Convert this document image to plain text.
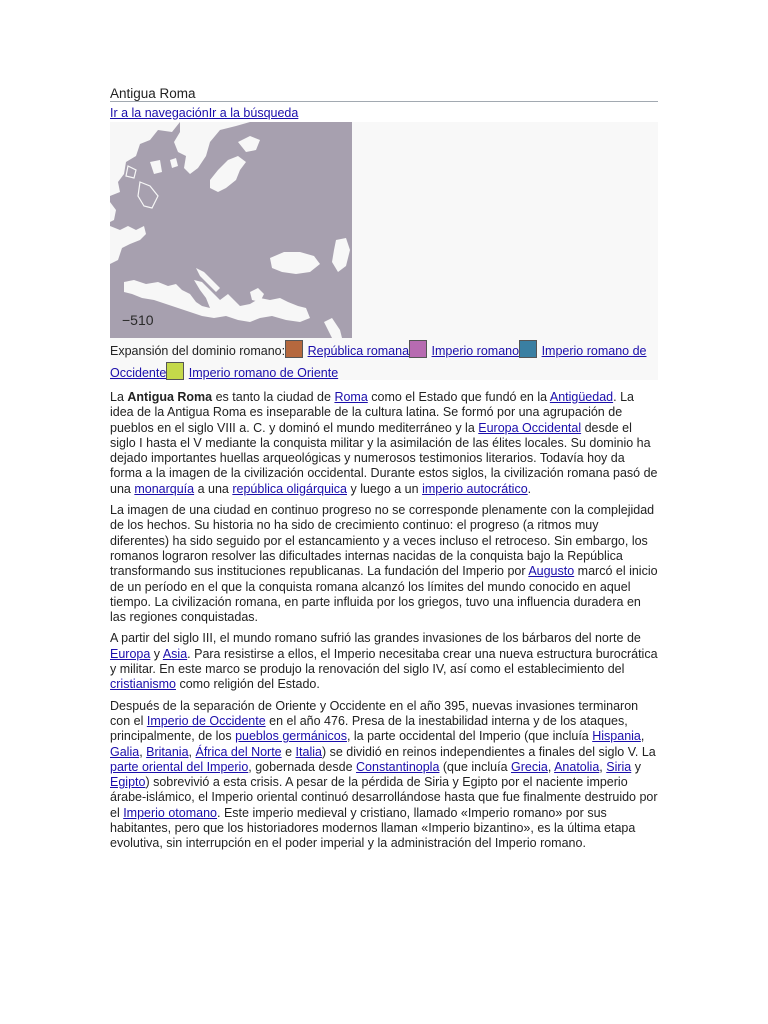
Antigua Roma
Ir a la navegaciónIr a la búsqueda
−510
Expansión del dominio romano: República romana Imperio romano Imperio romano de Occidente Imperio romano de Oriente

La Antigua Roma es tanto la ciudad de Roma como el Estado que fundó en la Antigüedad. La idea de la Antigua Roma es inseparable de la cultura latina. Se formó por una agrupación de pueblos en el siglo VIII a. C. y dominó el mundo mediterráneo y la Europa Occidental desde el siglo I hasta el V mediante la conquista militar y la asimilación de las élites locales. Su dominio ha dejado importantes huellas arqueológicas y numerosos testimonios literarios. Todavía hoy da forma a la imagen de la civilización occidental. Durante estos siglos, la civilización romana pasó de una monarquía a una república oligárquica y luego a un imperio autocrático.

La imagen de una ciudad en continuo progreso no se corresponde plenamente con la complejidad de los hechos. Su historia no ha sido de crecimiento continuo: el progreso (a ritmos muy diferentes) ha sido seguido por el estancamiento y a veces incluso el retroceso. Sin embargo, los romanos lograron resolver las dificultades internas nacidas de la conquista bajo la República transformando sus instituciones republicanas. La fundación del Imperio por Augusto marcó el inicio de un período en el que la conquista romana alcanzó los límites del mundo conocido en aquel tiempo. La civilización romana, en parte influida por los griegos, tuvo una influencia duradera en las regiones conquistadas.

A partir del siglo III, el mundo romano sufrió las grandes invasiones de los bárbaros del norte de Europa y Asia. Para resistirse a ellos, el Imperio necesitaba crear una nueva estructura burocrática y militar. En este marco se produjo la renovación del siglo IV, así como el establecimiento del cristianismo como religión del Estado.

Después de la separación de Oriente y Occidente en el año 395, nuevas invasiones terminaron con el Imperio de Occidente en el año 476. Presa de la inestabilidad interna y de los ataques, principalmente, de los pueblos germánicos, la parte occidental del Imperio (que incluía Hispania, Galia, Britania, África del Norte e Italia) se dividió en reinos independientes a finales del siglo V. La parte oriental del Imperio, gobernada desde Constantinopla (que incluía Grecia, Anatolia, Siria y Egipto) sobrevivió a esta crisis. A pesar de la pérdida de Siria y Egipto por el naciente imperio árabe-islámico, el Imperio oriental continuó desarrollándose hasta que fue finalmente destruido por el Imperio otomano. Este imperio medieval y cristiano, llamado «Imperio romano» por sus habitantes, pero que los historiadores modernos llaman «Imperio bizantino», es la última etapa evolutiva, sin interrupción en el poder imperial y la administración del Imperio romano.
